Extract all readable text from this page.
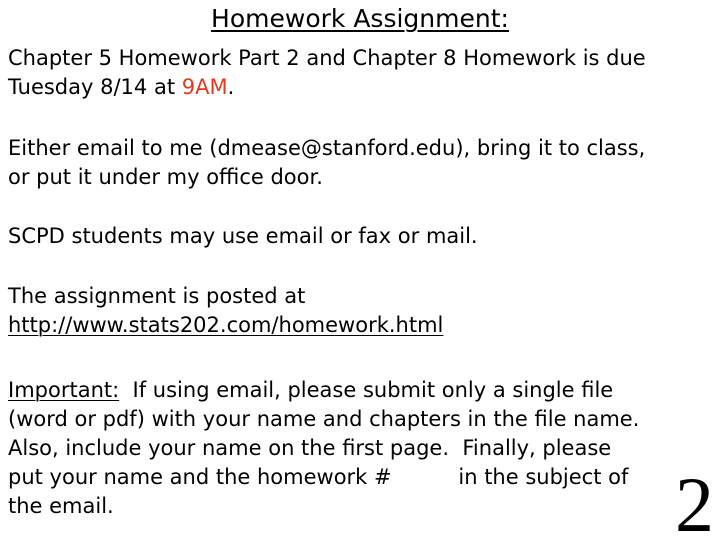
Homework Assignment:
Chapter 5 Homework Part 2 and Chapter 8 Homework is due
Tuesday 8/14 at 9AM.
Either email to me (dmease@stanford.edu), bring it to class,
or put it under my office door.
SCPD students may use email or fax or mail.
The assignment is posted at
http://www.stats202.com/homework.html
Important:  If using email, please submit only a single file
(word or pdf) with your name and chapters in the file name.
Also, include your name on the first page.  Finally, please
put your name and the homework #          in the subject of
the email.	2
